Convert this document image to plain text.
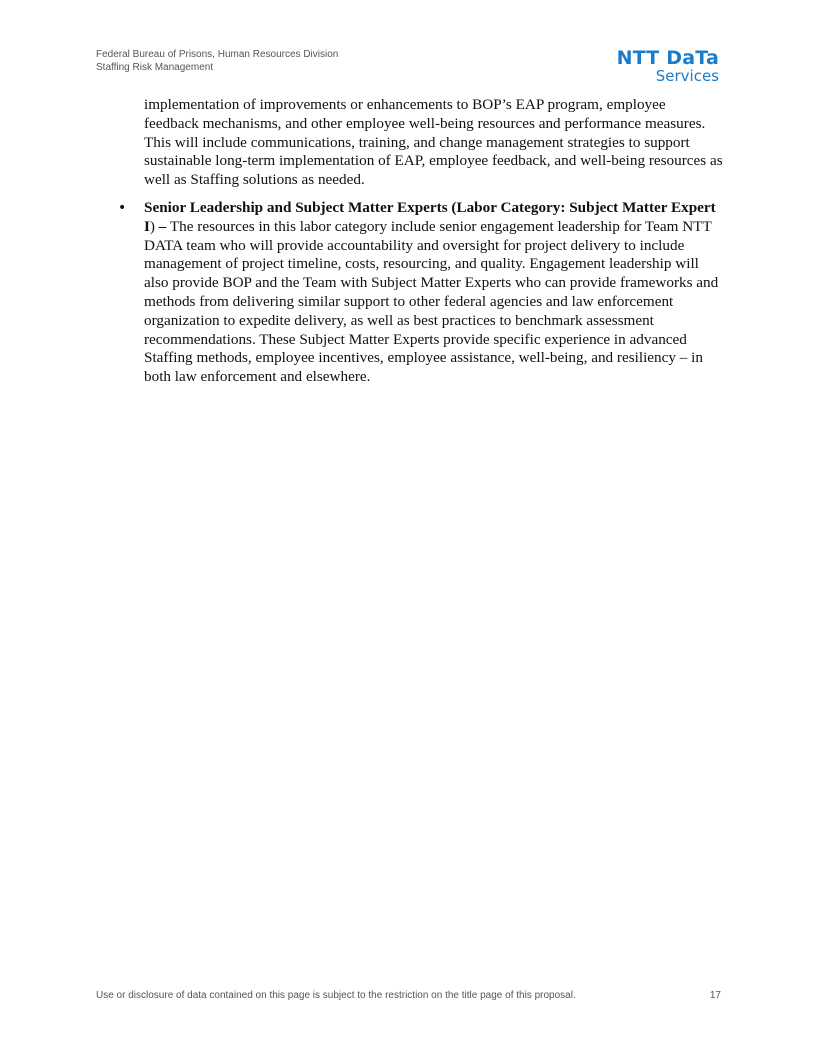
Federal Bureau of Prisons, Human Resources Division
Staffing Risk Management	NTT DaTa
Services

implementation of improvements or enhancements to BOP’s EAP program, employee feedback mechanisms, and other employee well-being resources and performance measures. This will include communications, training, and change management strategies to support sustainable long-term implementation of EAP, employee feedback, and well-being resources as well as Staffing solutions as needed.

• Senior Leadership and Subject Matter Experts (Labor Category: Subject Matter Expert I) – The resources in this labor category include senior engagement leadership for Team NTT DATA team who will provide accountability and oversight for project delivery to include management of project timeline, costs, resourcing, and quality. Engagement leadership will also provide BOP and the Team with Subject Matter Experts who can provide frameworks and methods from delivering similar support to other federal agencies and law enforcement organization to expedite delivery, as well as best practices to benchmark assessment recommendations. These Subject Matter Experts provide specific experience in advanced Staffing methods, employee incentives, employee assistance, well-being, and resiliency – in both law enforcement and elsewhere.
Use or disclosure of data contained on this page is subject to the restriction on the title page of this proposal.	17
